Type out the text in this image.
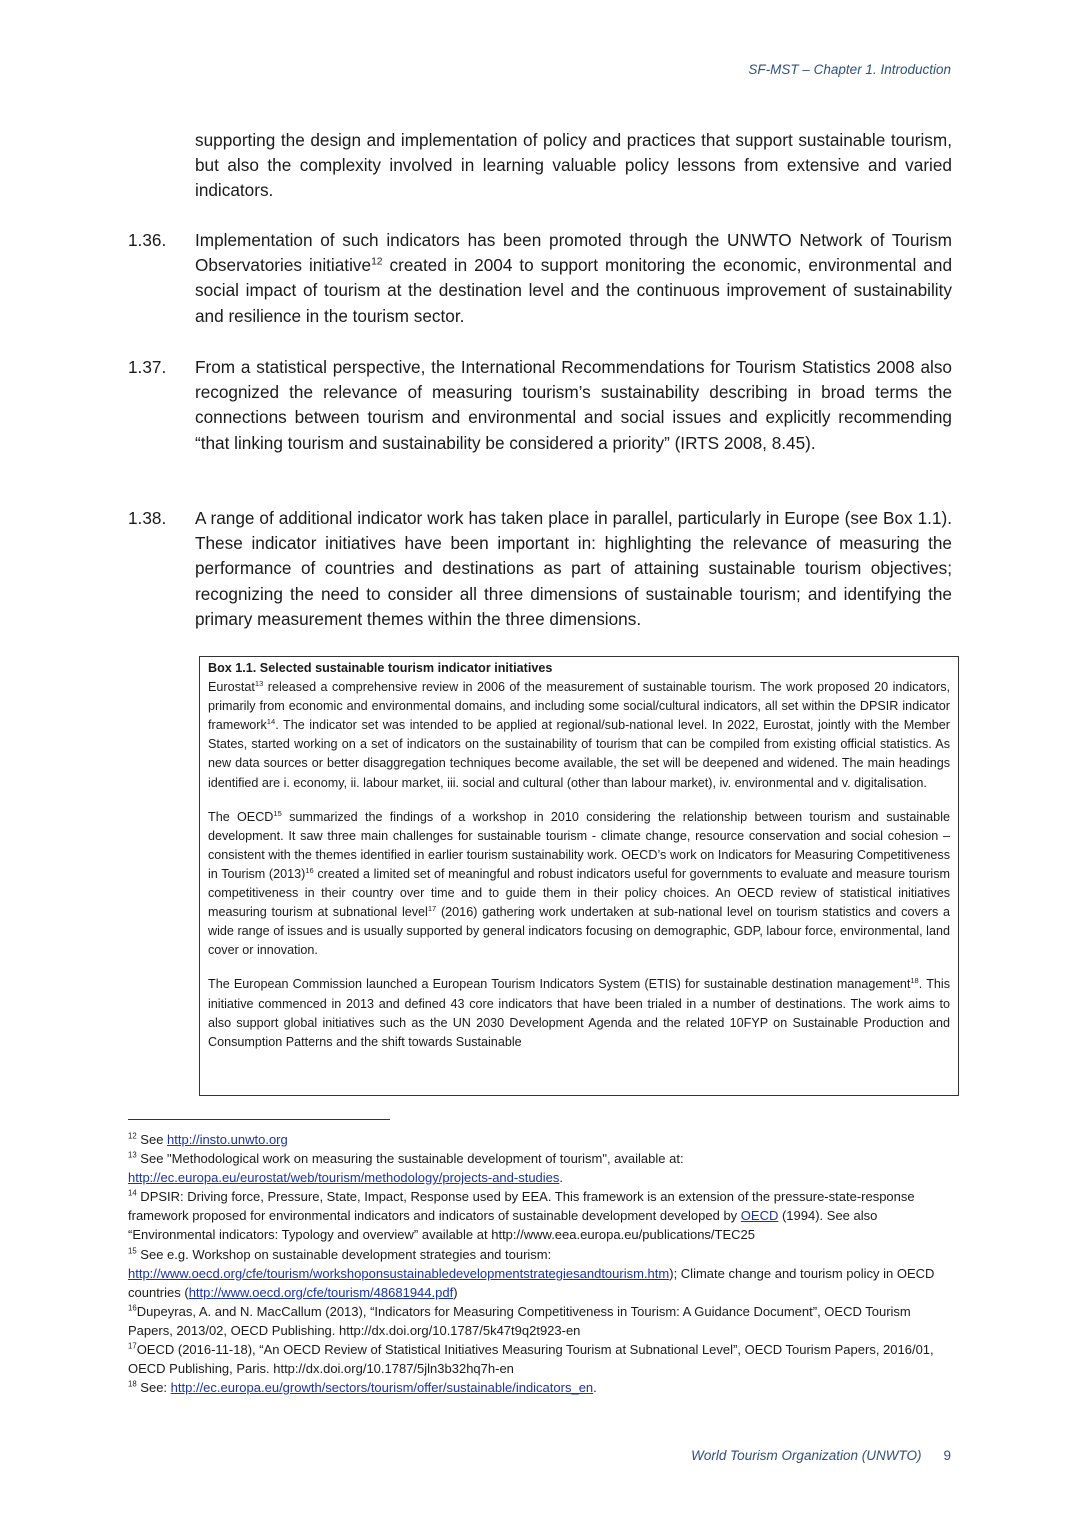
SF-MST – Chapter 1. Introduction
supporting the design and implementation of policy and practices that support sustainable tourism, but also the complexity involved in learning valuable policy lessons from extensive and varied indicators.
1.36.	Implementation of such indicators has been promoted through the UNWTO Network of Tourism Observatories initiative$^{12}$ created in 2004 to support monitoring the economic, environmental and social impact of tourism at the destination level and the continuous improvement of sustainability and resilience in the tourism sector.
1.37.	From a statistical perspective, the International Recommendations for Tourism Statistics 2008 also recognized the relevance of measuring tourism’s sustainability describing in broad terms the connections between tourism and environmental and social issues and explicitly recommending “that linking tourism and sustainability be considered a priority” (IRTS 2008, 8.45).
1.38.	A range of additional indicator work has taken place in parallel, particularly in Europe (see Box 1.1). These indicator initiatives have been important in: highlighting the relevance of measuring the performance of countries and destinations as part of attaining sustainable tourism objectives; recognizing the need to consider all three dimensions of sustainable tourism; and identifying the primary measurement themes within the three dimensions.
Box 1.1. Selected sustainable tourism indicator initiatives

Eurostat$^{13}$ released a comprehensive review in 2006 of the measurement of sustainable tourism. The work proposed 20 indicators, primarily from economic and environmental domains, and including some social/cultural indicators, all set within the DPSIR indicator framework$^{14}$. The indicator set was intended to be applied at regional/sub-national level. In 2022, Eurostat, jointly with the Member States, started working on a set of indicators on the sustainability of tourism that can be compiled from existing official statistics. As new data sources or better disaggregation techniques become available, the set will be deepened and widened. The main headings identified are i. economy, ii. labour market, iii. social and cultural (other than labour market), iv. environmental and v. digitalisation.

The OECD$^{15}$ summarized the findings of a workshop in 2010 considering the relationship between tourism and sustainable development. It saw three main challenges for sustainable tourism - climate change, resource conservation and social cohesion – consistent with the themes identified in earlier tourism sustainability work. OECD’s work on Indicators for Measuring Competitiveness in Tourism $(2013)^{16}$ created a limited set of meaningful and robust indicators useful for governments to evaluate and measure tourism competitiveness in their country over time and to guide them in their policy choices. An OECD review of statistical initiatives measuring tourism at subnational level$^{17}$ (2016) gathering work undertaken at sub-national level on tourism statistics and covers a wide range of issues and is usually supported by general indicators focusing on demographic, GDP, labour force, environmental, land cover or innovation.

The European Commission launched a European Tourism Indicators System (ETIS) for sustainable destination management$^{18}$. This initiative commenced in 2013 and defined 43 core indicators that have been trialed in a number of destinations. The work aims to also support global initiatives such as the UN 2030 Development Agenda and the related 10FYP on Sustainable Production and Consumption Patterns and the shift towards Sustainable

$^{12}$ See http://insto.unwto.org
$^{13}$ See "Methodological work on measuring the sustainable development of tourism", available at:
http://ec.europa.eu/eurostat/web/tourism/methodology/projects-and-studies.
$^{14}$ DPSIR: Driving force, Pressure, State, Impact, Response used by EEA. This framework is an extension of the pressure-state-response framework proposed for environmental indicators and indicators of sustainable development developed by OECD (1994). See also “Environmental indicators: Typology and overview” available at http://www.eea.europa.eu/publications/TEC25
$^{15}$ See e.g. Workshop on sustainable development strategies and tourism:
http://www.oecd.org/cfe/tourism/workshoponsustainabledevelopmentstrategiesandtourism.htm); Climate change and tourism policy in OECD countries (http://www.oecd.org/cfe/tourism/48681944.pdf)
$^{16}$Dupeyras, A. and N. MacCallum (2013), “Indicators for Measuring Competitiveness in Tourism: A Guidance Document”, OECD Tourism Papers, 2013/02, OECD Publishing. http://dx.doi.org/10.1787/5k47t9q2t923-en
$^{17}$OECD (2016-11-18), “An OECD Review of Statistical Initiatives Measuring Tourism at Subnational Level”, OECD Tourism Papers, 2016/01, OECD Publishing, Paris. http://dx.doi.org/10.1787/5jln3b32hq7h-en
$^{18}$ See: http://ec.europa.eu/growth/sectors/tourism/offer/sustainable/indicators_en.
World Tourism Organization (UNWTO) 9
